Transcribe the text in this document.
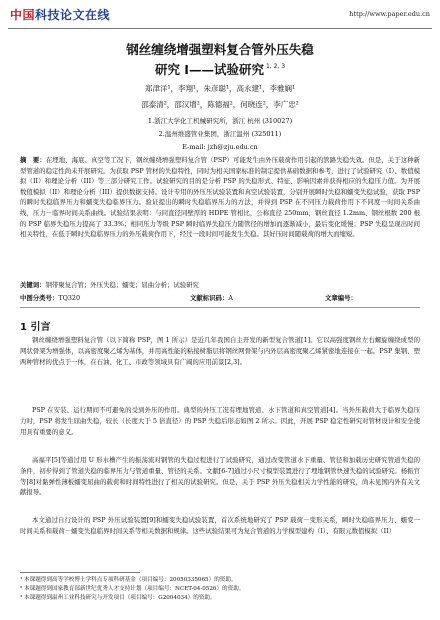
中国科技论文在线	http://www.paper.edu.cn
钢丝缠绕增强塑料复合管外压失稳
研究 I——试验研究 $^{1, 2, 3}$
郑津洋¹，李翔¹，朱彦聪¹，高永建¹，李雅娴¹
邵泰清²，邵汉增²，陈德福²，何晓连²，李广忠²
1.浙江大学化工机械研究所，浙江 杭州 (310027)
2.温州维盛管业集团，浙江温州 (325011)
E-mail: jzh@zju.edu.cn
摘　要：在埋地、海底、真空等工况下，钢丝缠绕增强塑料复合管（PSP）可能发生由外压载荷作用引起的管路失稳失效。但是，关于这种新型管道的稳定性尚未开展研究。为获取 PSP 管材的失稳特性，同时为相关国家标准的制定提供基础数据和参考，进行了试验研究（I）、数值模拟（II）和理论分析（III）等三部分研究工作。试验研究的目的是分析 PSP 的失稳形式、特征、影响因素并获得相应的失稳压力值。为开展数值模拟（II）和理论分析（III）提供数据支持。设计专用的外压压试验装置和真空试验装置，分别开展瞬时失稳和蠕变失稳试验，获取 PSP 的瞬时失稳临界压力和蠕变失稳临界压力。验证提出的瞬时失稳临界压力的方法，并得到 PSP 在不同压力载荷作用下不同度一时间关系曲线，压力－临界时间关系曲线。试验结果表明：与同直径同壁厚的 HDPE 管相比，公称直径 250mm，钢丝直径 1.2mm、钢丝根数 200 根的 PSP 临界失稳压力提高了 33.3%；相同压力等级 PSP 瞬时临界失稳压力随管径的增加而逐渐减小，最后变化缓慢；PSP 失稳呈现出时间相关特性，在低于瞬时失稳临界压力的外压载荷作用下，经过一段时间可能发生失稳。其好压时间随载荷的增大而缩短。
关键词：钢带聚复合管；外压失稳；蠕变；屈曲分析；试验研究
中图分类号：TQ320	文献标识码：A	文章编号：
1 引言
钢丝缠绕增强塑料复合管（以下简称 PSP，图 1 所示）是近几年我国自主开发的新型复合管道[1]。它以高强度钢丝左右螺旋缠绕成型的网状骨架为增强体，以高密度聚乙烯为基体，并用高性能的粘接树脂层将钢丝网骨架与内外层高密度聚乙烯紧密地连接在一起。PSP 集钢、塑两种管材的优点于一体，在石油、化工、市政等领域具有广阔的应用前景[2,3]。
PSP 在安装、运行期间不可避免的受到外压的作用。典型的外压工况有埋地管道、水下管道和真空管道[4]。当外压载荷大于临界失稳压力时，PSP 将发生屈曲失稳，较长（长度大于 5 倍直径）的 PSP 失稳后形态如图 2 所示。因此，开展 PSP 稳定性研究对管材设计和安全使用具有重要的意义。
高福平[5]等通过用 U 形水槽产生的振荡流对钢管的失稳过程进行了试验研究，通过改变管道水下重量、管径和加载历史研究管道失稳的条件，初步得到了管道失稳的临界压力与管道重量、管径的关系。文献[6-7]通过小尺寸模型装置进行了埋地钢管快速失稳的试验研究。杨振官等[8]对黏弹性薄板蠕变屈曲的载荷和时间特性进行了相关的试验研究。但是，关于 PSP 外压失稳相关力学性能的研究，尚未见国内外有关文献报导。
本文通过自行设计的 PSP 外压试验装置[9]和蠕变失稳试验装置，首次系统地研究了 PSP 载荷－变形关系，瞬时失稳临界压力、蠕变一时间关系和载荷－蠕变失稳临界时间关系等相关数据和规律。这些试验结果可为复合管道的力学模型建构（I）、有限元数值模拟（II）
¹ 本课题得到高等学校博士学科点专项科研基金（项目编号：20050335065）的资助。
² 本课题得到国家教育部新世纪优秀人才支持计划（项目编号：NCET-04-0526）的资助。
³ 本课题得到温州工业科技研究与开发项目（项目编号：G2004034）的资助。
